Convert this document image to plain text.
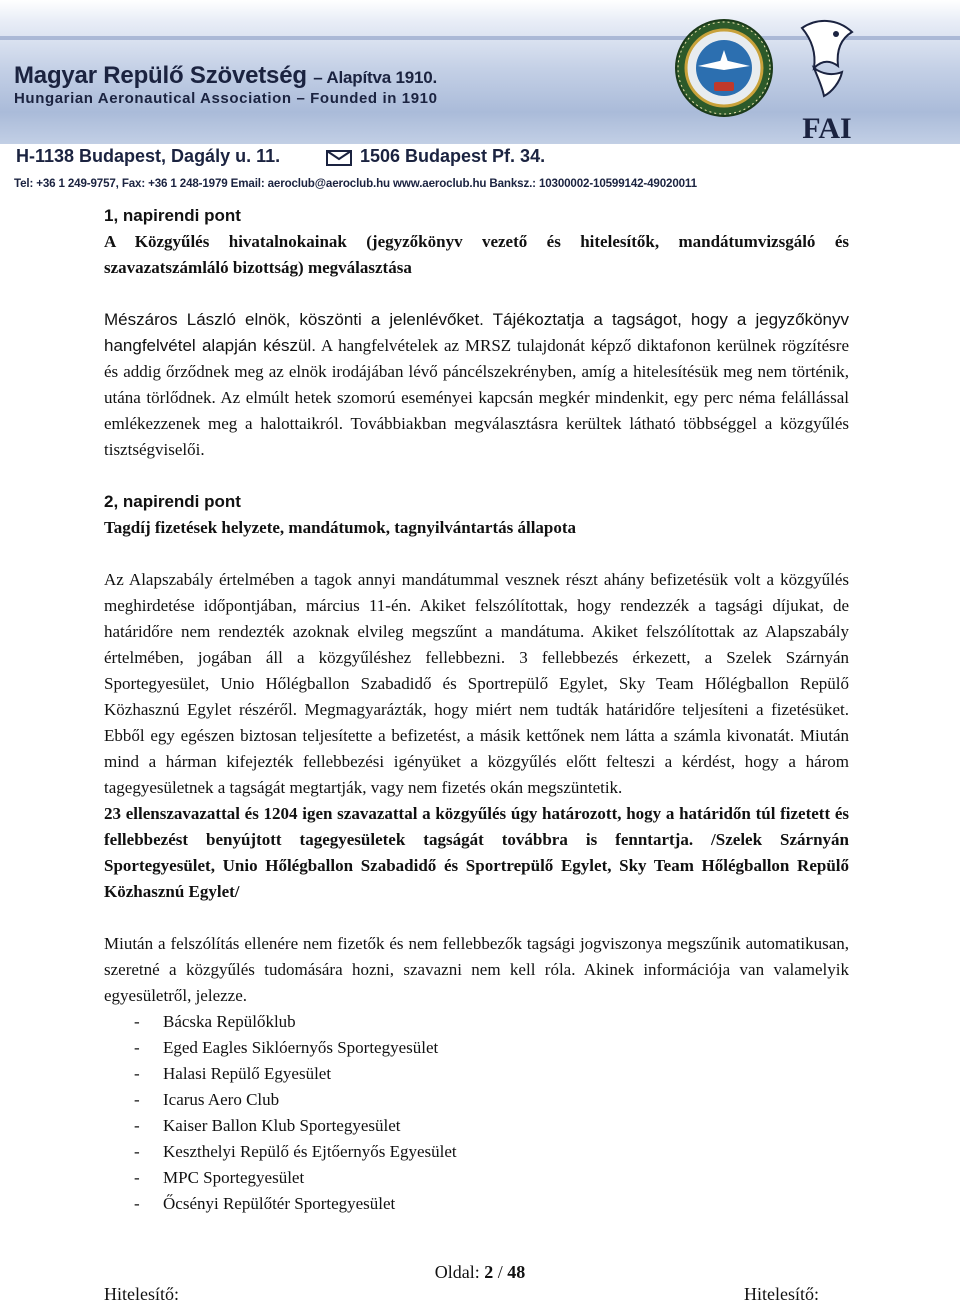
Magyar Repülő Szövetség – Alapítva 1910.
Hungarian Aeronautical Association – Founded in 1910
FAI
H-1138 Budapest, Dagály u. 11.	1506 Budapest Pf. 34.
Tel: +36 1 249-9757, Fax: +36 1 248-1979 Email: aeroclub@aeroclub.hu www.aeroclub.hu Banksz.: 10300002-10599142-49020011

1, napirendi pont

A Közgyűlés hivatalnokainak (jegyzőkönyv vezető és hitelesítők, mandátumvizsgáló és szavazatszámláló bizottság) megválasztása

Mészáros László elnök, köszönti a jelenlévőket. Tájékoztatja a tagságot, hogy a jegyzőkönyv hangfelvétel alapján készül. A hangfelvételek az MRSZ tulajdonát képző diktafonon kerülnek rögzítésre és addig őrződnek meg az elnök irodájában lévő páncélszekrényben, amíg a hitelesítésük meg nem történik, utána törlődnek. Az elmúlt hetek szomorú eseményei kapcsán megkér mindenkit, egy perc néma felállással emlékezzenek meg a halottaikról. Továbbiakban megválasztásra kerültek látható többséggel a közgyűlés tisztségviselői.

2, napirendi pont

Tagdíj fizetések helyzete, mandátumok, tagnyilvántartás állapota

Az Alapszabály értelmében a tagok annyi mandátummal vesznek részt ahány befizetésük volt a közgyűlés meghirdetése időpontjában, március 11-én. Akiket felszólítottak, hogy rendezzék a tagsági díjukat, de határidőre nem rendezték azoknak elvileg megszűnt a mandátuma. Akiket felszólítottak az Alapszabály értelmében, jogában áll a közgyűléshez fellebbezni. 3 fellebbezés érkezett, a Szelek Szárnyán Sportegyesület, Unio Hőlégballon Szabadidő és Sportrepülő Egylet, Sky Team Hőlégballon Repülő Közhasznú Egylet részéről. Megmagyarázták, hogy miért nem tudták határidőre teljesíteni a fizetésüket. Ebből egy egészen biztosan teljesítette a befizetést, a másik kettőnek nem látta a számla kivonatát. Miután mind a hárman kifejezték fellebbezési igényüket a közgyűlés előtt felteszi a kérdést, hogy a három tagegyesületnek a tagságát megtartják, vagy nem fizetés okán megszüntetik.

23 ellenszavazattal és 1204 igen szavazattal a közgyűlés úgy határozott, hogy a határidőn túl fizetett és fellebbezést benyújtott tagegyesületek tagságát továbbra is fenntartja. /Szelek Szárnyán Sportegyesület, Unio Hőlégballon Szabadidő és Sportrepülő Egylet, Sky Team Hőlégballon Repülő Közhasznú Egylet/

Miután a felszólítás ellenére nem fizetők és nem fellebbezők tagsági jogviszonya megszűnik automatikusan, szeretné a közgyűlés tudomására hozni, szavazni nem kell róla. Akinek információja van valamelyik egyesületről, jelezze.

- Bácska Repülőklub
- Eged Eagles Siklóernyős Sportegyesület
- Halasi Repülő Egyesület
- Icarus Aero Club
- Kaiser Ballon Klub Sportegyesület
- Keszthelyi Repülő és Ejtőernyős Egyesület
- MPC Sportegyesület
- Őcsényi Repülőtér Sportegyesület
Oldal: 2 / 48
Hitelesítő:	Hitelesítő:
